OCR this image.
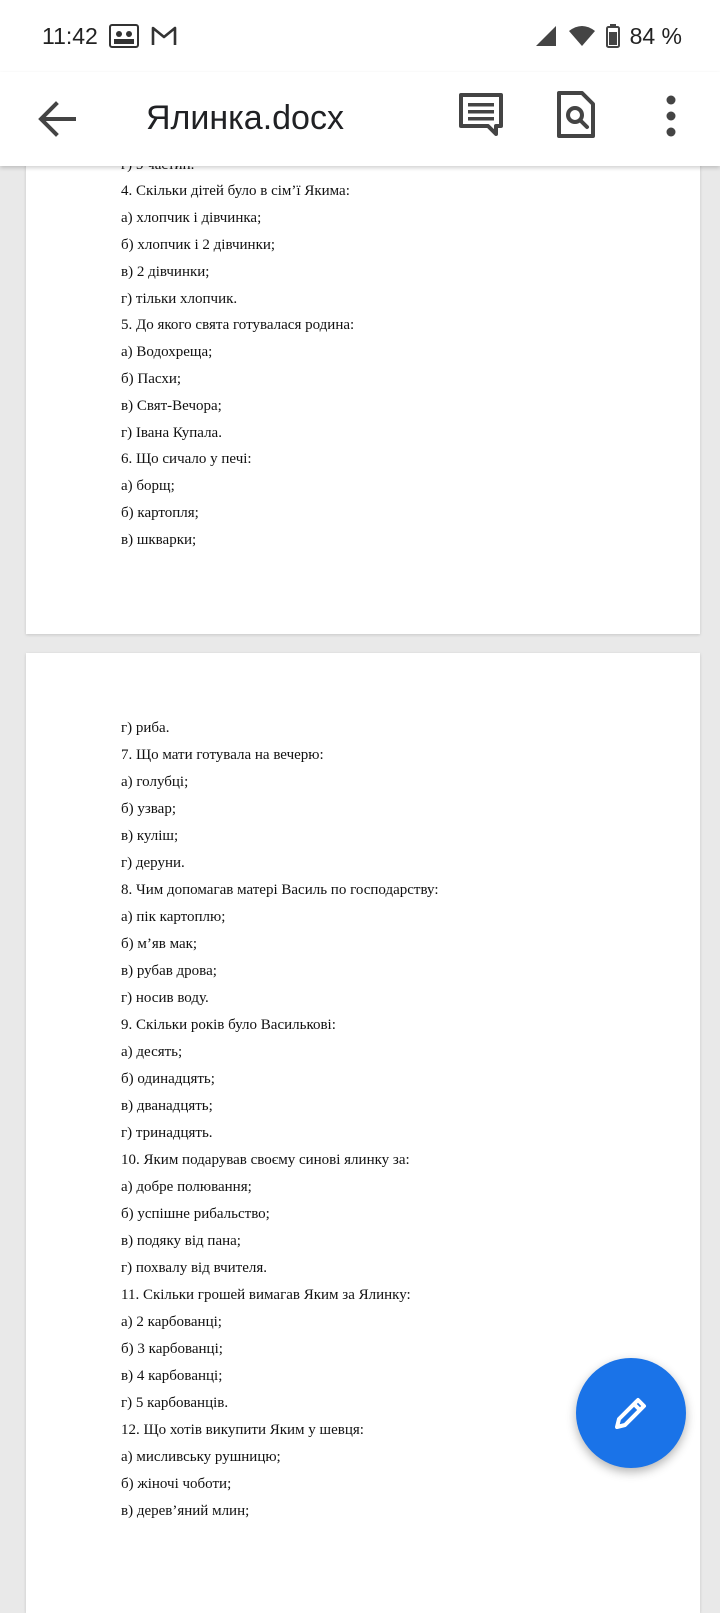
11:42	84 %
Ялинка.docx
4. Скільки дітей було в сім’ї Якима:
а) хлопчик і дівчинка;
б) хлопчик і 2 дівчинки;
в) 2 дівчинки;
г) тільки хлопчик.
5. До якого свята готувалася родина:
а) Водохреща;
б) Пасхи;
в) Свят-Вечора;
г) Івана Купала.
6. Що сичало у печі:
а) борщ;
б) картопля;
в) шкварки;
г) риба.
7. Що мати готувала на вечерю:
а) голубці;
б) узвар;
в) куліш;
г) деруни.
8. Чим допомагав матері Василь по господарству:
а) пік картоплю;
б) м’яв мак;
в) рубав дрова;
г) носив воду.
9. Скільки років було Василькові:
а) десять;
б) одинадцять;
в) дванадцять;
г) тринадцять.
10. Яким подарував своєму синові ялинку за:
а) добре полювання;
б) успішне рибальство;
в) подяку від пана;
г) похвалу від вчителя.
11. Скільки грошей вимагав Яким за Ялинку:
а) 2 карбованці;
б) 3 карбованці;
в) 4 карбованці;
г) 5 карбованців.
12. Що хотів викупити Яким у шевця:
а) мисливську рушницю;
б) жіночі чоботи;
в) дерев’яний млин;
